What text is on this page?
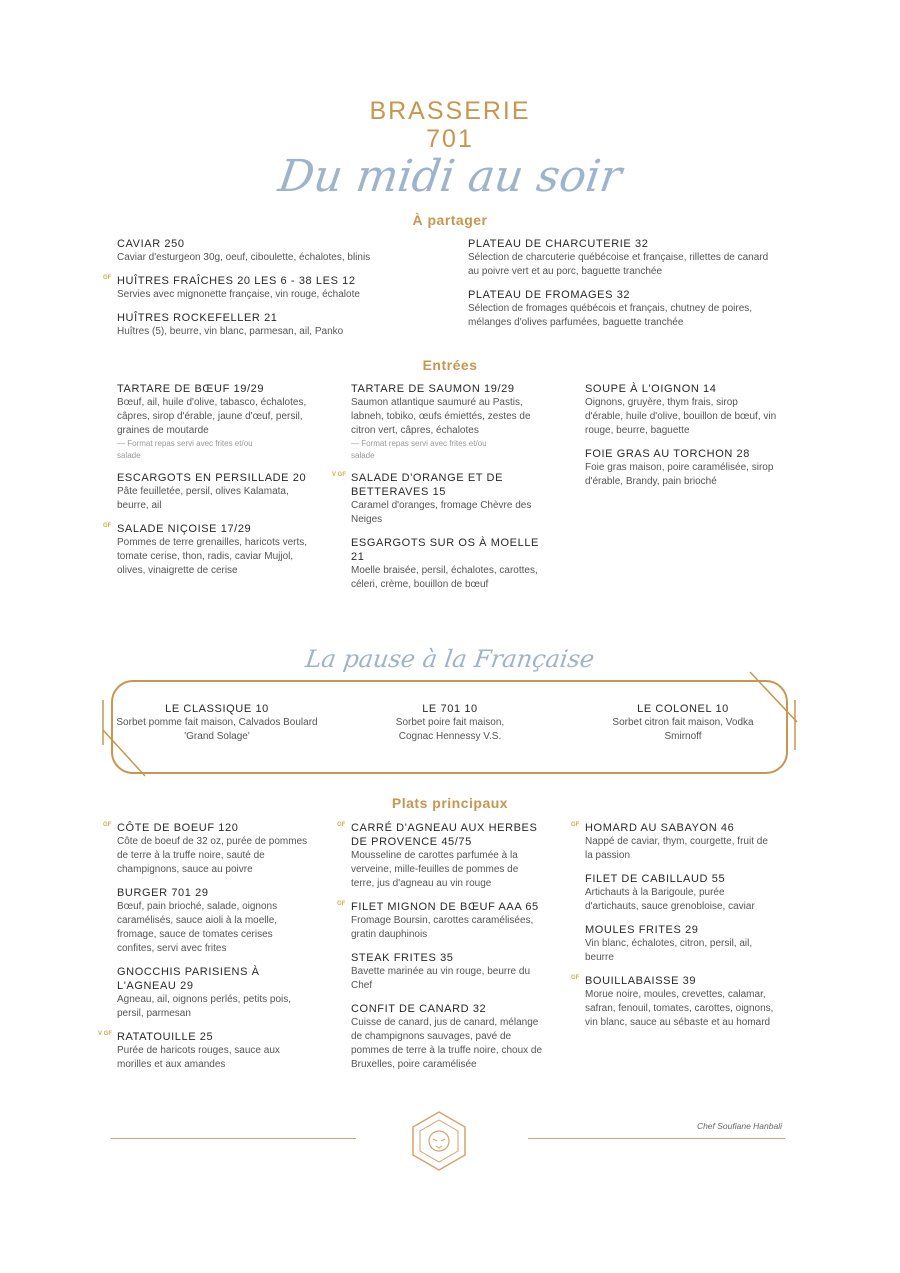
BRASSERIE
701
Du midi au soir
À partager
CAVIAR 250
Caviar d'esturgeon 30g, oeuf, ciboulette, échalotes, blinis
GF HUÎTRES FRAÎCHES 20 LES 6 - 38 LES 12
Servies avec mignonette française, vin rouge, échalote
HUÎTRES ROCKEFELLER 21
Huîtres (5), beurre, vin blanc, parmesan, ail, Panko
PLATEAU DE CHARCUTERIE 32
Sélection de charcuterie québécoise et française, rillettes de canard au poivre vert et au porc, baguette tranchée
PLATEAU DE FROMAGES 32
Sélection de fromages québécois et français, chutney de poires, mélanges d'olives parfumées, baguette tranchée
Entrées
TARTARE DE BŒUF 19/29
Bœuf, ail, huile d'olive, tabasco, échalotes, câpres, sirop d'érable, jaune d'œuf, persil, graines de moutarde
— Format repas servi avec frites et/ou salade
ESCARGOTS EN PERSILLADE 20
Pâte feuilletée, persil, olives Kalamata, beurre, ail
GF SALADE NIÇOISE 17/29
Pommes de terre grenailles, haricots verts, tomate cerise, thon, radis, caviar Mujjol, olives, vinaigrette de cerise
TARTARE DE SAUMON 19/29
Saumon atlantique saumuré au Pastis, labneh, tobiko, œufs émiettés, zestes de citron vert, câpres, échalotes
— Format repas servi avec frites et/ou salade
V GF SALADE D'ORANGE ET DE BETTERAVES 15
Caramel d'oranges, fromage Chèvre des Neiges
ESGARGOTS SUR OS À MOELLE 21
Moelle braisée, persil, échalotes, carottes, céleri, crème, bouillon de bœuf
SOUPE À L'OIGNON 14
Oignons, gruyère, thym frais, sirop d'érable, huile d'olive, bouillon de bœuf, vin rouge, beurre, baguette
FOIE GRAS AU TORCHON 28
Foie gras maison, poire caramélisée, sirop d'érable, Brandy, pain brioché
La pause à la Française
LE CLASSIQUE 10
Sorbet pomme fait maison, Calvados Boulard 'Grand Solage'
LE 701 10
Sorbet poire fait maison, Cognac Hennessy V.S.
LE COLONEL 10
Sorbet citron fait maison, Vodka Smirnoff
Plats principaux
GF CÔTE DE BOEUF 120
Côte de boeuf de 32 oz, purée de pommes de terre à la truffe noire, sauté de champignons, sauce au poivre
BURGER 701 29
Bœuf, pain brioché, salade, oignons caramélisés, sauce aioli à la moelle, fromage, sauce de tomates cerises confites, servi avec frites
GNOCCHIS PARISIENS À L'AGNEAU 29
Agneau, ail, oignons perlés, petits pois, persil, parmesan
V GF RATATOUILLE 25
Purée de haricots rouges, sauce aux morilles et aux amandes
GF CARRÉ D'AGNEAU AUX HERBES DE PROVENCE 45/75
Mousseline de carottes parfumée à la verveine, mille-feuilles de pommes de terre, jus d'agneau au vin rouge
GF FILET MIGNON DE BŒUF AAA 65
Fromage Boursin, carottes caramélisées, gratin dauphinois
STEAK FRITES 35
Bavette marinée au vin rouge, beurre du Chef
CONFIT DE CANARD 32
Cuisse de canard, jus de canard, mélange de champignons sauvages, pavé de pommes de terre à la truffe noire, choux de Bruxelles, poire caramélisée
GF HOMARD AU SABAYON 46
Nappé de caviar, thym, courgette, fruit de la passion
FILET DE CABILLAUD 55
Artichauts à la Barigoule, purée d'artichauts, sauce grenobloise, caviar
MOULES FRITES 29
Vin blanc, échalotes, citron, persil, ail, beurre
GF BOUILLABAISSE 39
Morue noire, moules, crevettes, calamar, safran, fenouil, tomates, carottes, oignons, vin blanc, sauce au sébaste et au homard
Chef Soufiane Hanbali
